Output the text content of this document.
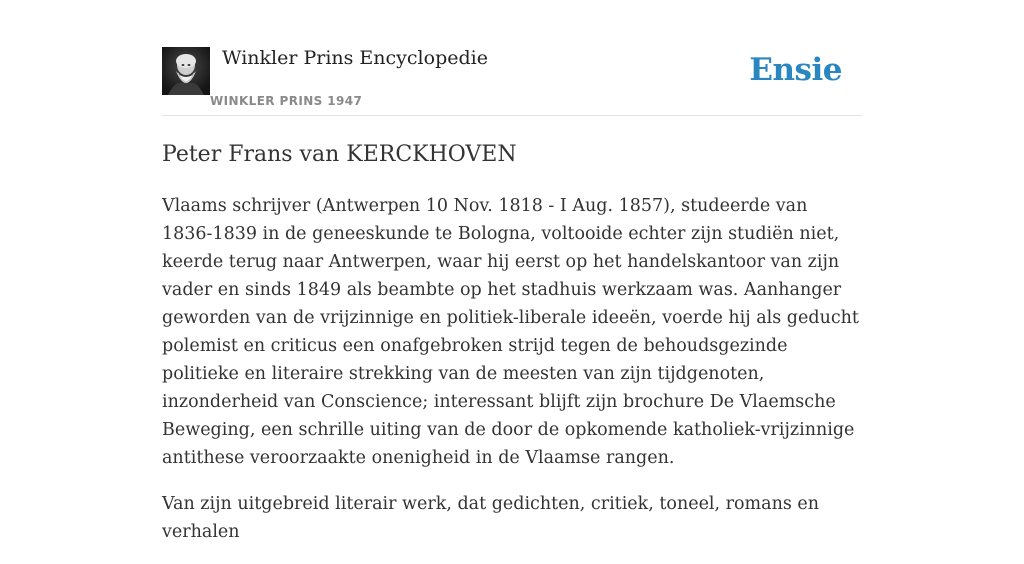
Winkler Prins Encyclopedie
WINKLER PRINS 1947
Ensie
Peter Frans van KERCKHOVEN

Vlaams schrijver (Antwerpen 10 Nov. 1818 - I Aug. 1857), studeerde van 1836-1839 in de geneeskunde te Bologna, voltooide echter zijn studiën niet, keerde terug naar Antwerpen, waar hij eerst op het handelskantoor van zijn vader en sinds 1849 als beambte op het stadhuis werkzaam was. Aanhanger geworden van de vrijzinnige en politiek-liberale ideeën, voerde hij als geducht polemist en criticus een onafgebroken strijd tegen de behoudsgezinde politieke en literaire strekking van de meesten van zijn tijdgenoten, inzonderheid van Conscience; interessant blijft zijn brochure De Vlaemsche Beweging, een schrille uiting van de door de opkomende katholiek-vrijzinnige antithese veroorzaakte onenigheid in de Vlaamse rangen.

Van zijn uitgebreid literair werk, dat gedichten, critiek, toneel, romans en verhalen
